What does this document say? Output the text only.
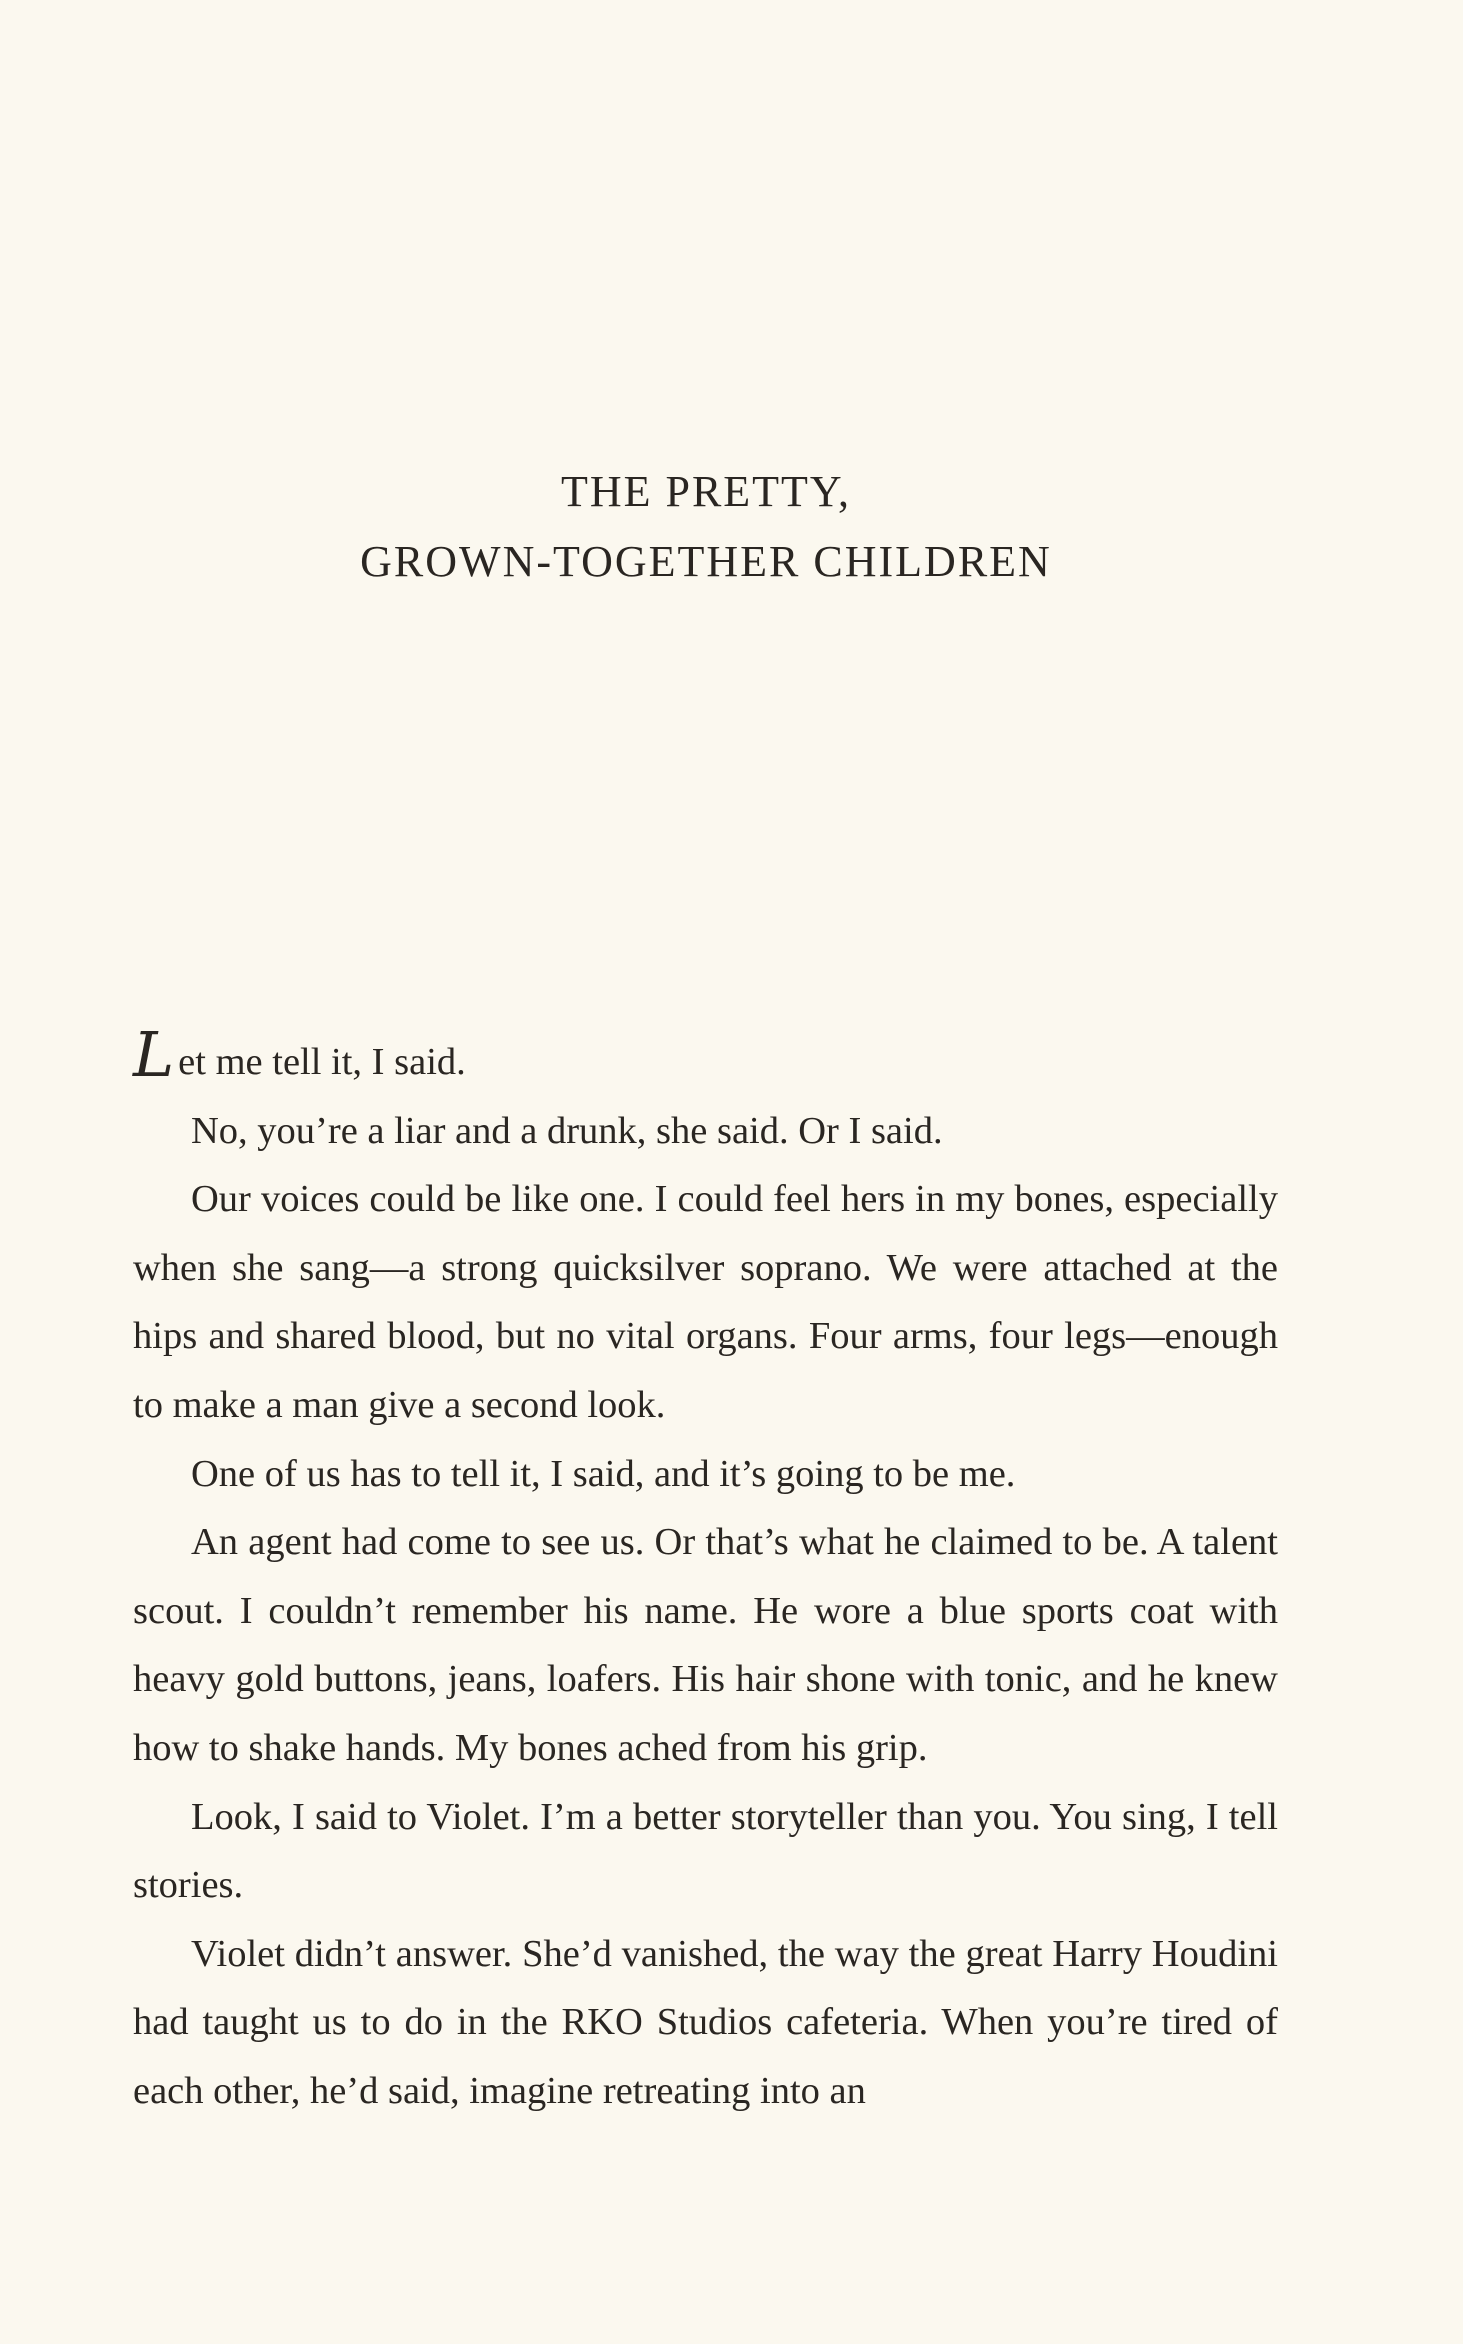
THE PRETTY,
GROWN-TOGETHER CHILDREN

Let me tell it, I said.

No, you’re a liar and a drunk, she said. Or I said.

Our voices could be like one. I could feel hers in my bones, especially when she sang—a strong quicksilver soprano. We were attached at the hips and shared blood, but no vital organs. Four arms, four legs—enough to make a man give a second look.

One of us has to tell it, I said, and it’s going to be me.

An agent had come to see us. Or that’s what he claimed to be. A talent scout. I couldn’t remember his name. He wore a blue sports coat with heavy gold buttons, jeans, loafers. His hair shone with tonic, and he knew how to shake hands. My bones ached from his grip.

Look, I said to Violet. I’m a better storyteller than you. You sing, I tell stories.

Violet didn’t answer. She’d vanished, the way the great Harry Houdini had taught us to do in the RKO Studios cafeteria. When you’re tired of each other, he’d said, imagine retreating into an
